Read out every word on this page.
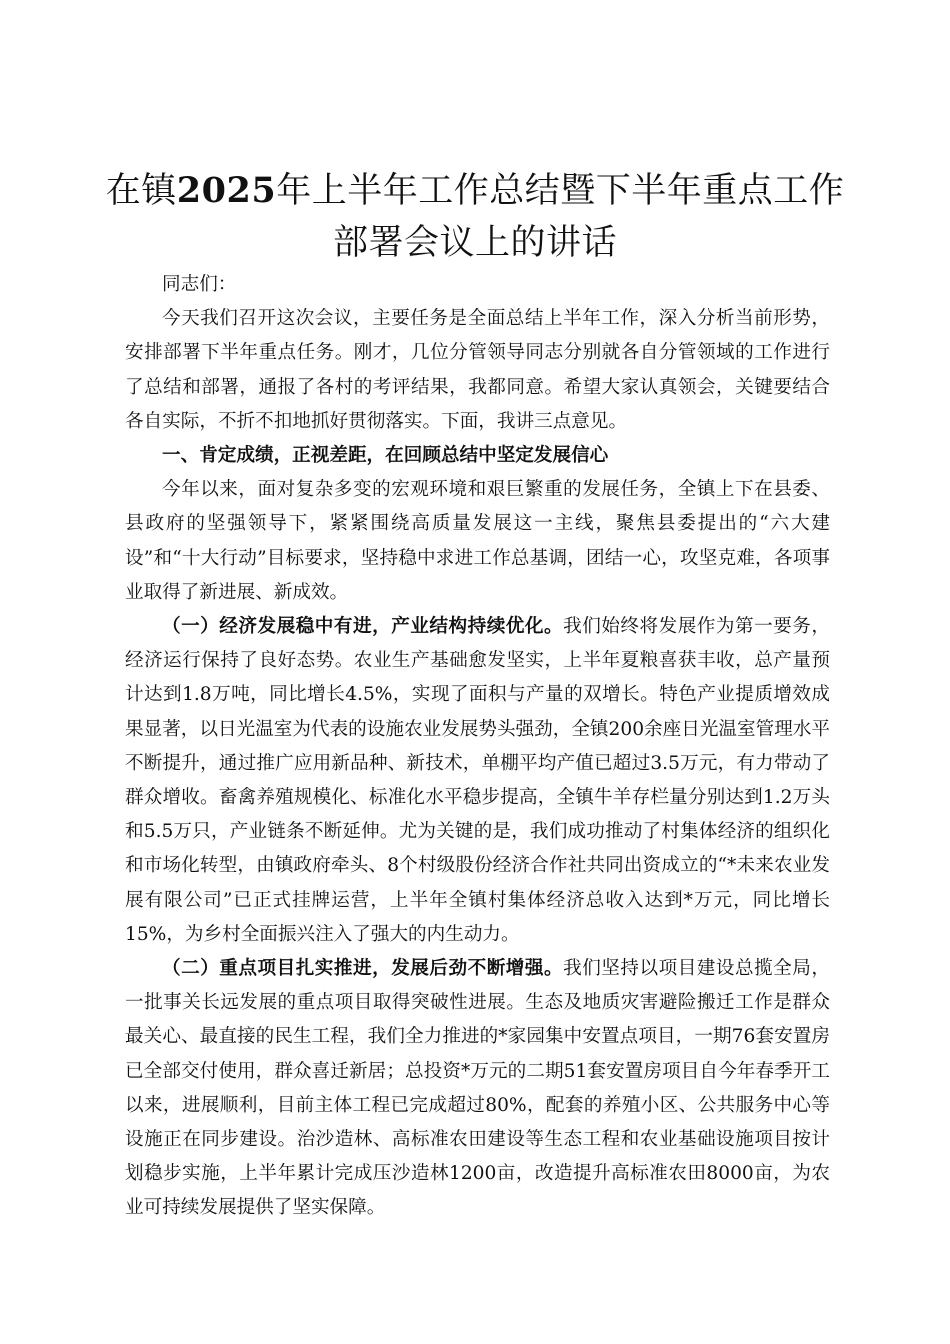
在镇2025年上半年工作总结暨下半年重点工作部署会议上的讲话

同志们：

今天我们召开这次会议，主要任务是全面总结上半年工作，深入分析当前形势，安排部署下半年重点任务。刚才，几位分管领导同志分别就各自分管领域的工作进行了总结和部署，通报了各村的考评结果，我都同意。希望大家认真领会，关键要结合各自实际，不折不扣地抓好贯彻落实。下面，我讲三点意见。

一、肯定成绩，正视差距，在回顾总结中坚定发展信心

今年以来，面对复杂多变的宏观环境和艰巨繁重的发展任务，全镇上下在县委、县政府的坚强领导下，紧紧围绕高质量发展这一主线，聚焦县委提出的“六大建设”和“十大行动”目标要求，坚持稳中求进工作总基调，团结一心，攻坚克难，各项事业取得了新进展、新成效。

（一）经济发展稳中有进，产业结构持续优化。我们始终将发展作为第一要务，经济运行保持了良好态势。农业生产基础愈发坚实，上半年夏粮喜获丰收，总产量预计达到1.8万吨，同比增长4.5%，实现了面积与产量的双增长。特色产业提质增效成果显著，以日光温室为代表的设施农业发展势头强劲，全镇200余座日光温室管理水平不断提升，通过推广应用新品种、新技术，单棚平均产值已超过3.5万元，有力带动了群众增收。畜禽养殖规模化、标准化水平稳步提高，全镇牛羊存栏量分别达到1.2万头和5.5万只，产业链条不断延伸。尤为关键的是，我们成功推动了村集体经济的组织化和市场化转型，由镇政府牵头、8个村级股份经济合作社共同出资成立的“*未来农业发展有限公司”已正式挂牌运营，上半年全镇村集体经济总收入达到*万元，同比增长15%，为乡村全面振兴注入了强大的内生动力。

（二）重点项目扎实推进，发展后劲不断增强。我们坚持以项目建设总揽全局，一批事关长远发展的重点项目取得突破性进展。生态及地质灾害避险搬迁工作是群众最关心、最直接的民生工程，我们全力推进的*家园集中安置点项目，一期76套安置房已全部交付使用，群众喜迁新居；总投资*万元的二期51套安置房项目自今年春季开工以来，进展顺利，目前主体工程已完成超过80%，配套的养殖小区、公共服务中心等设施正在同步建设。治沙造林、高标准农田建设等生态工程和农业基础设施项目按计划稳步实施，上半年累计完成压沙造林1200亩，改造提升高标准农田8000亩，为农业可持续发展提供了坚实保障。
